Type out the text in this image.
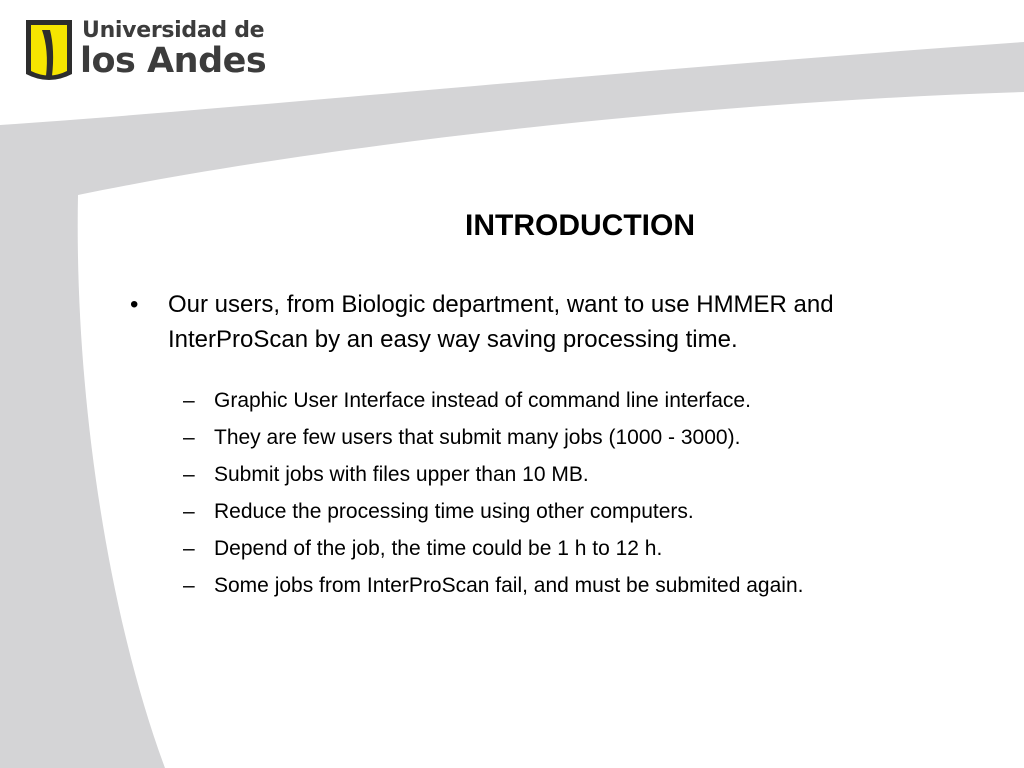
Universidad de
los Andes
INTRODUCTION
• Our users, from Biologic department, want to use HMMER and InterProScan by an easy way saving processing time.
– Graphic User Interface instead of command line interface.
– They are few users that submit many jobs (1000 - 3000).
– Submit jobs with files upper than 10 MB.
– Reduce the processing time using other computers.
– Depend of the job, the time could be 1 h to 12 h.
– Some jobs from InterProScan fail, and must be submited again.
